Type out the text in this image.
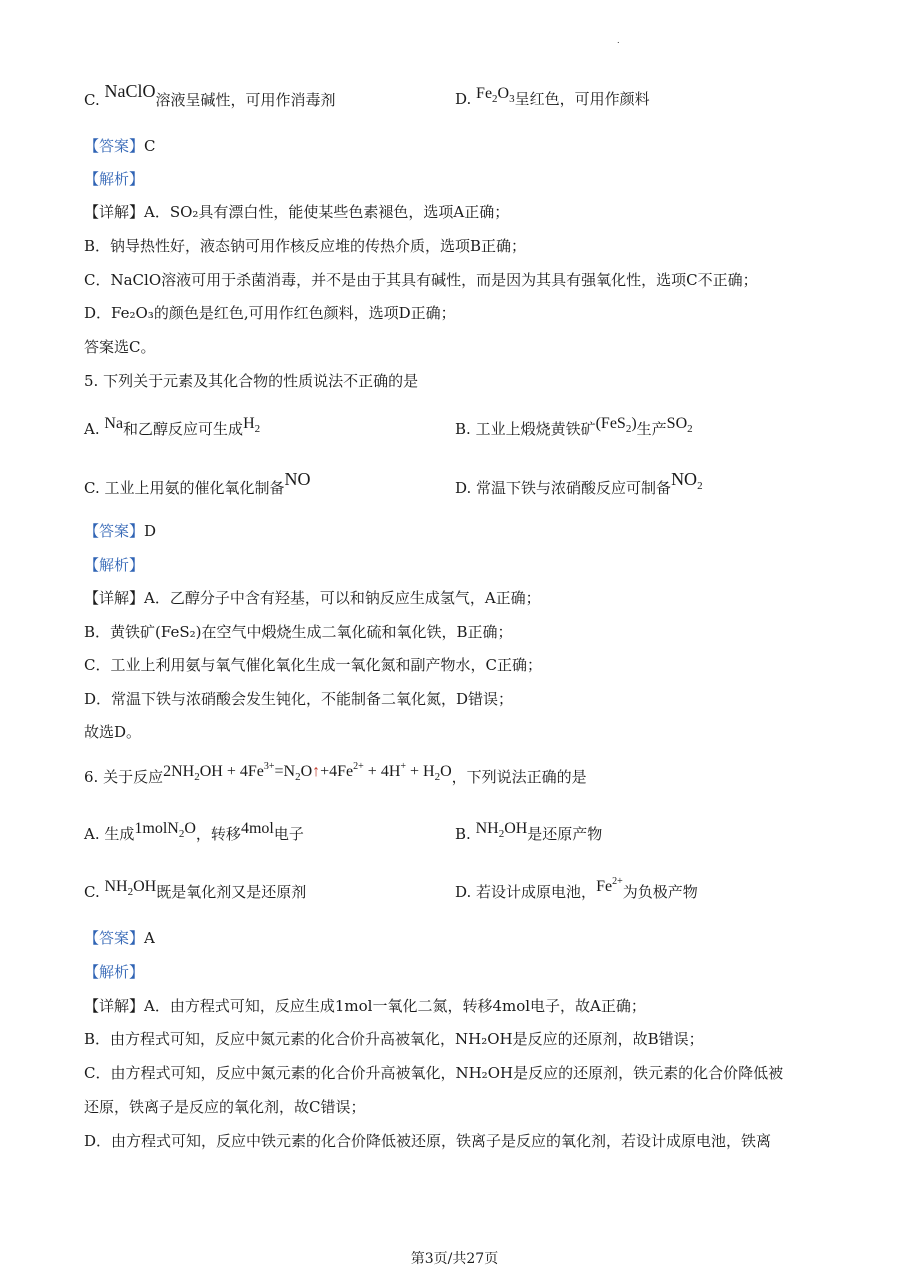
.
C. NaClO溶液呈碱性，可用作消毒剂	D. $Fe_2O_3$呈红色，可用作颜料
【答案】C
【解析】
【详解】A．SO₂具有漂白性，能使某些色素褪色，选项A正确；
B．钠导热性好，液态钠可用作核反应堆的传热介质，选项B正确；
C．NaClO溶液可用于杀菌消毒，并不是由于其具有碱性，而是因为其具有强氧化性，选项C不正确；
D．Fe₂O₃的颜色是红色,可用作红色颜料，选项D正确；
答案选C。
5. 下列关于元素及其化合物的性质说法不正确的是
A. Na和乙醇反应可生成$H_2$	B. 工业上煅烧黄铁矿(FeS$_2$)生产$SO_2$
C. 工业上用氨的催化氧化制备NO	D. 常温下铁与浓硝酸反应可制备$NO_2$
【答案】D
【解析】
【详解】A．乙醇分子中含有羟基，可以和钠反应生成氢气，A正确；
B．黄铁矿(FeS₂)在空气中煅烧生成二氧化硫和氧化铁，B正确；
C．工业上利用氨与氧气催化氧化生成一氧化氮和副产物水，C正确；
D．常温下铁与浓硝酸会发生钝化，不能制备二氧化氮，D错误；
故选D。
6. 关于反应$2NH_2OH$ + $4Fe^{3+}=N_2O↑+4Fe^{2+} + 4H^+ + H_2O$，下列说法正确的是
A. 生成1molN$_2$O，转移4mol电子	B. $NH_2OH$是还原产物
C. $NH_2OH$既是氧化剂又是还原剂	D. 若设计成原电池，$Fe^{2+}$为负极产物
【答案】A
【解析】
【详解】A．由方程式可知，反应生成1mol一氧化二氮，转移4mol电子，故A正确；
B．由方程式可知，反应中氮元素的化合价升高被氧化，NH₂OH是反应的还原剂，故B错误；
C．由方程式可知，反应中氮元素的化合价升高被氧化，NH₂OH是反应的还原剂，铁元素的化合价降低被
还原，铁离子是反应的氧化剂，故C错误；
D．由方程式可知，反应中铁元素的化合价降低被还原，铁离子是反应的氧化剂，若设计成原电池，铁离
第3页/共27页
